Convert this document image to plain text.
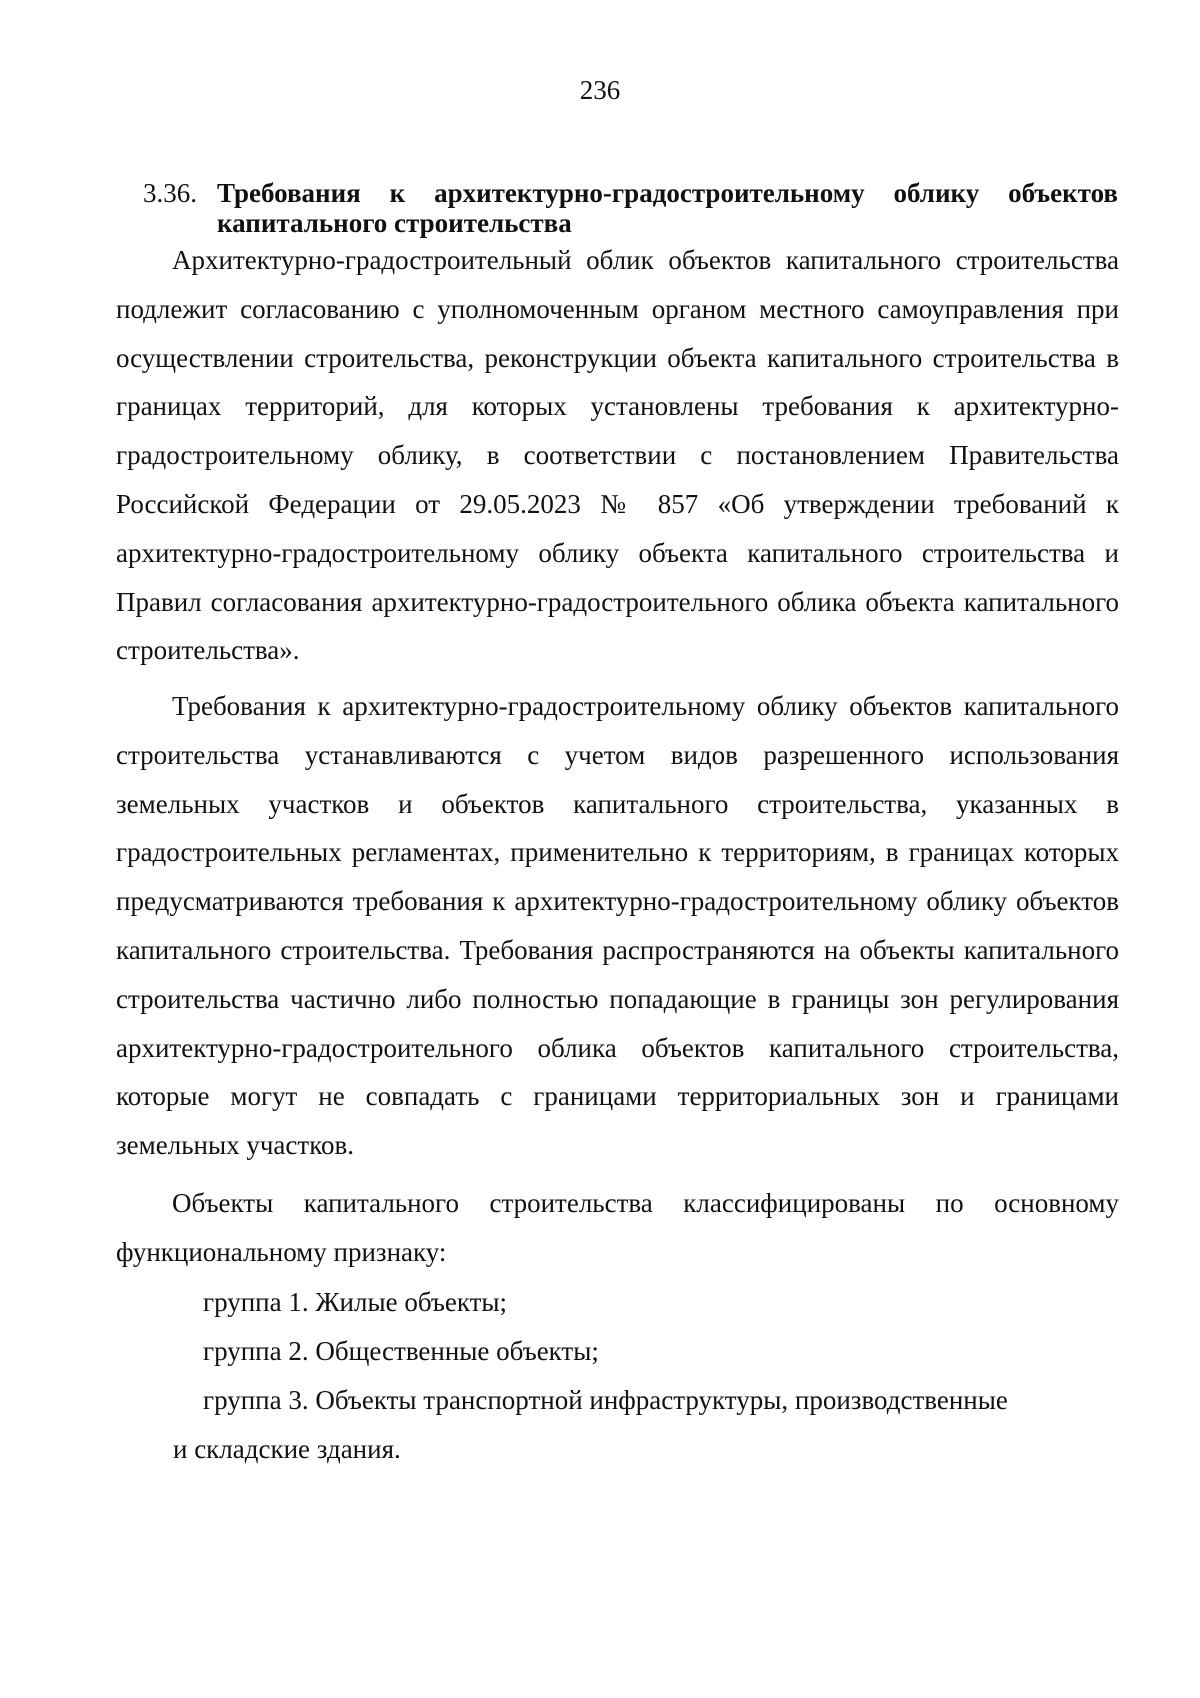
236
3.36. Требования к архитектурно-градостроительному облику объектов капитального строительства

Архитектурно-градостроительный облик объектов капитального строительства подлежит согласованию с уполномоченным органом местного самоуправления при осуществлении строительства, реконструкции объекта капитального строительства в границах территорий, для которых установлены требования к архитектурно-градостроительному облику, в соответствии с постановлением Правительства Российской Федерации от 29.05.2023 № 857 «Об утверждении требований к архитектурно-градостроительному облику объекта капитального строительства и Правил согласования архитектурно-градостроительного облика объекта капитального строительства».

Требования к архитектурно-градостроительному облику объектов капитального строительства устанавливаются с учетом видов разрешенного использования земельных участков и объектов капитального строительства, указанных в градостроительных регламентах, применительно к территориям, в границах которых предусматриваются требования к архитектурно-градостроительному облику объектов капитального строительства. Требования распространяются на объекты капитального строительства частично либо полностью попадающие в границы зон регулирования архитектурно-градостроительного облика объектов капитального строительства, которые могут не совпадать с границами территориальных зон и границами земельных участков.

Объекты капитального строительства классифицированы по основному функциональному признаку:

группа 1. Жилые объекты;

группа 2. Общественные объекты;

группа 3. Объекты транспортной инфраструктуры, производственные

и складские здания.
